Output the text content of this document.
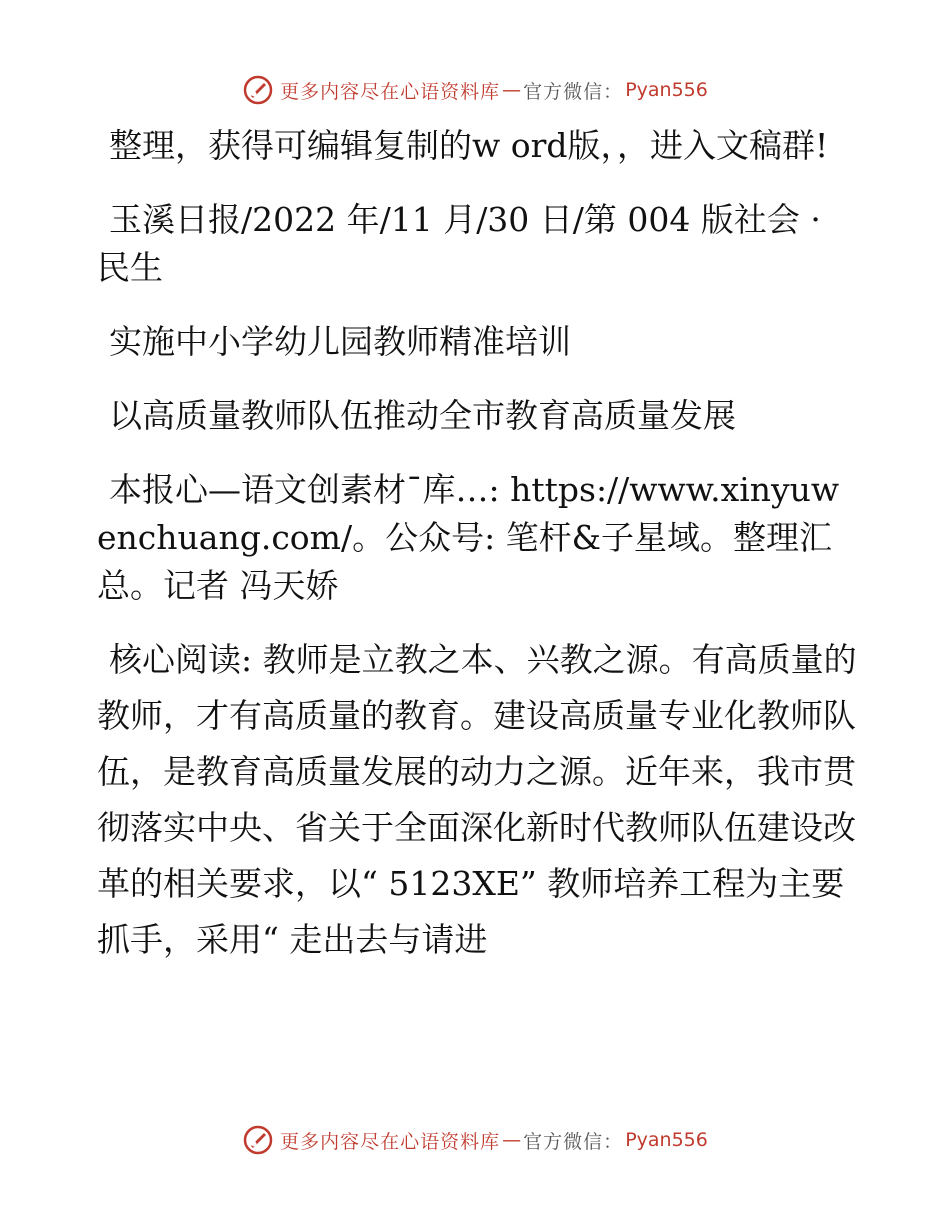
更多内容尽在心语资料库 — 官方微信： Pyan556

整理，获得可编辑复制的w ord版，，进入文稿群!

玉溪日报/2022 年/11 月/30 日/第 004 版社会 · 民生

实施中小学幼儿园教师精准培训

以高质量教师队伍推动全市教育高质量发展

本报心—语文创素材¯库…: https://www.xinyuwenchuang.com/。公众号: 笔杆&子星域。整理汇总。记者 冯天娇

核心阅读: 教师是立教之本、兴教之源。有高质量的教师，才有高质量的教育。建设高质量专业化教师队伍，是教育高质量发展的动力之源。近年来，我市贯彻落实中央、省关于全面深化新时代教师队伍建设改革的相关要求，以“ 5123XE” 教师培养工程为主要抓手，采用“ 走出去与请进

更多内容尽在心语资料库 — 官方微信： Pyan556
